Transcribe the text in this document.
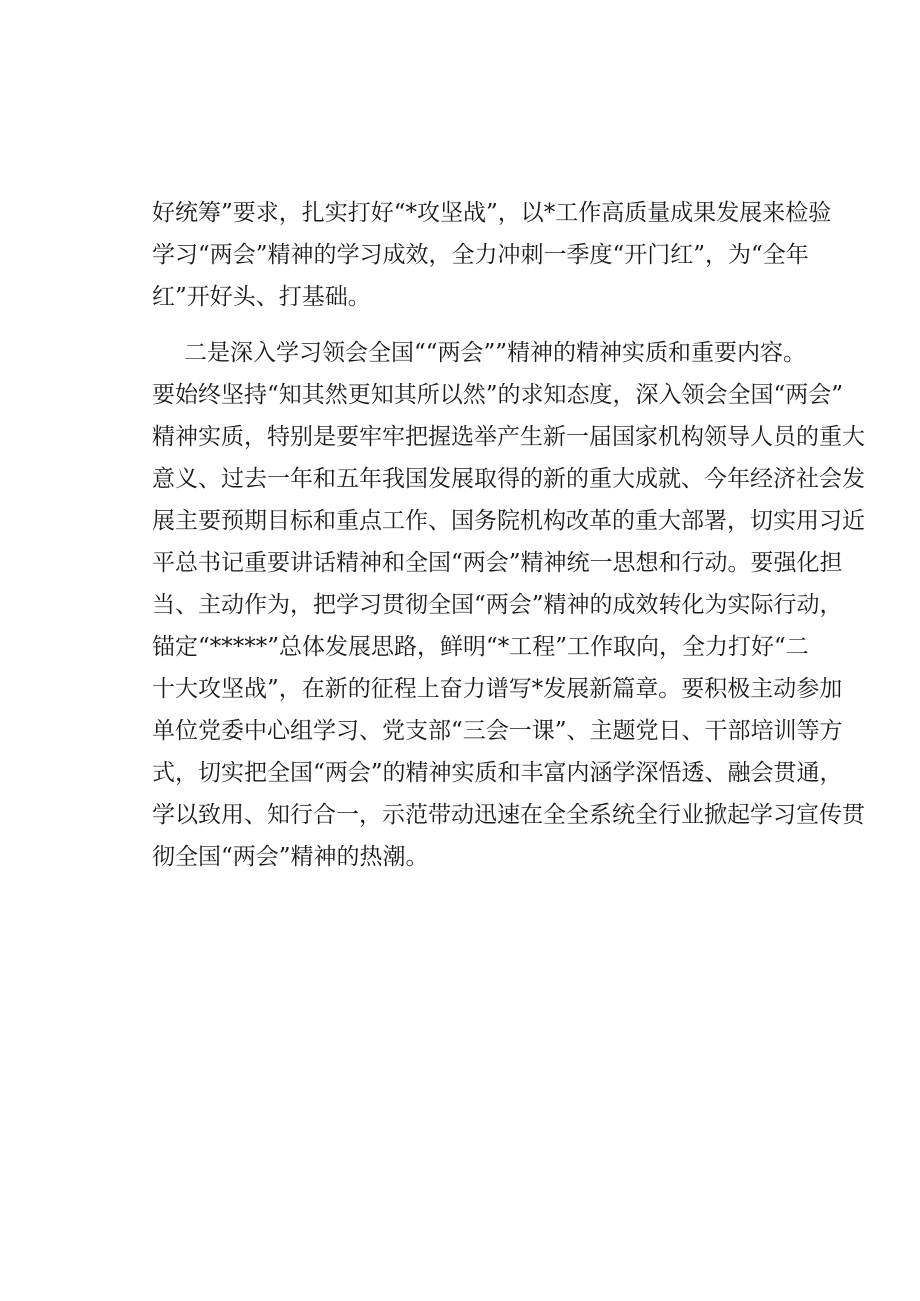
好统筹”要求，扎实打好“*攻坚战”，以*工作高质量成果发展来检验
学习“两会”精神的学习成效，全力冲刺一季度“开门红”，为“全年
红”开好头、打基础。
二是深入学习领会全国““两会””精神的精神实质和重要内容。
要始终坚持“知其然更知其所以然”的求知态度，深入领会全国“两会”
精神实质，特别是要牢牢把握选举产生新一届国家机构领导人员的重大
意义、过去一年和五年我国发展取得的新的重大成就、今年经济社会发
展主要预期目标和重点工作、国务院机构改革的重大部署，切实用习近
平总书记重要讲话精神和全国“两会”精神统一思想和行动。要强化担
当、主动作为，把学习贯彻全国“两会”精神的成效转化为实际行动，
锚定“*****”总体发展思路，鲜明“*工程”工作取向，全力打好“二
十大攻坚战”，在新的征程上奋力谱写*发展新篇章。要积极主动参加
单位党委中心组学习、党支部“三会一课”、主题党日、干部培训等方
式，切实把全国“两会”的精神实质和丰富内涵学深悟透、融会贯通，
学以致用、知行合一，示范带动迅速在全全系统全行业掀起学习宣传贯
彻全国“两会”精神的热潮。
